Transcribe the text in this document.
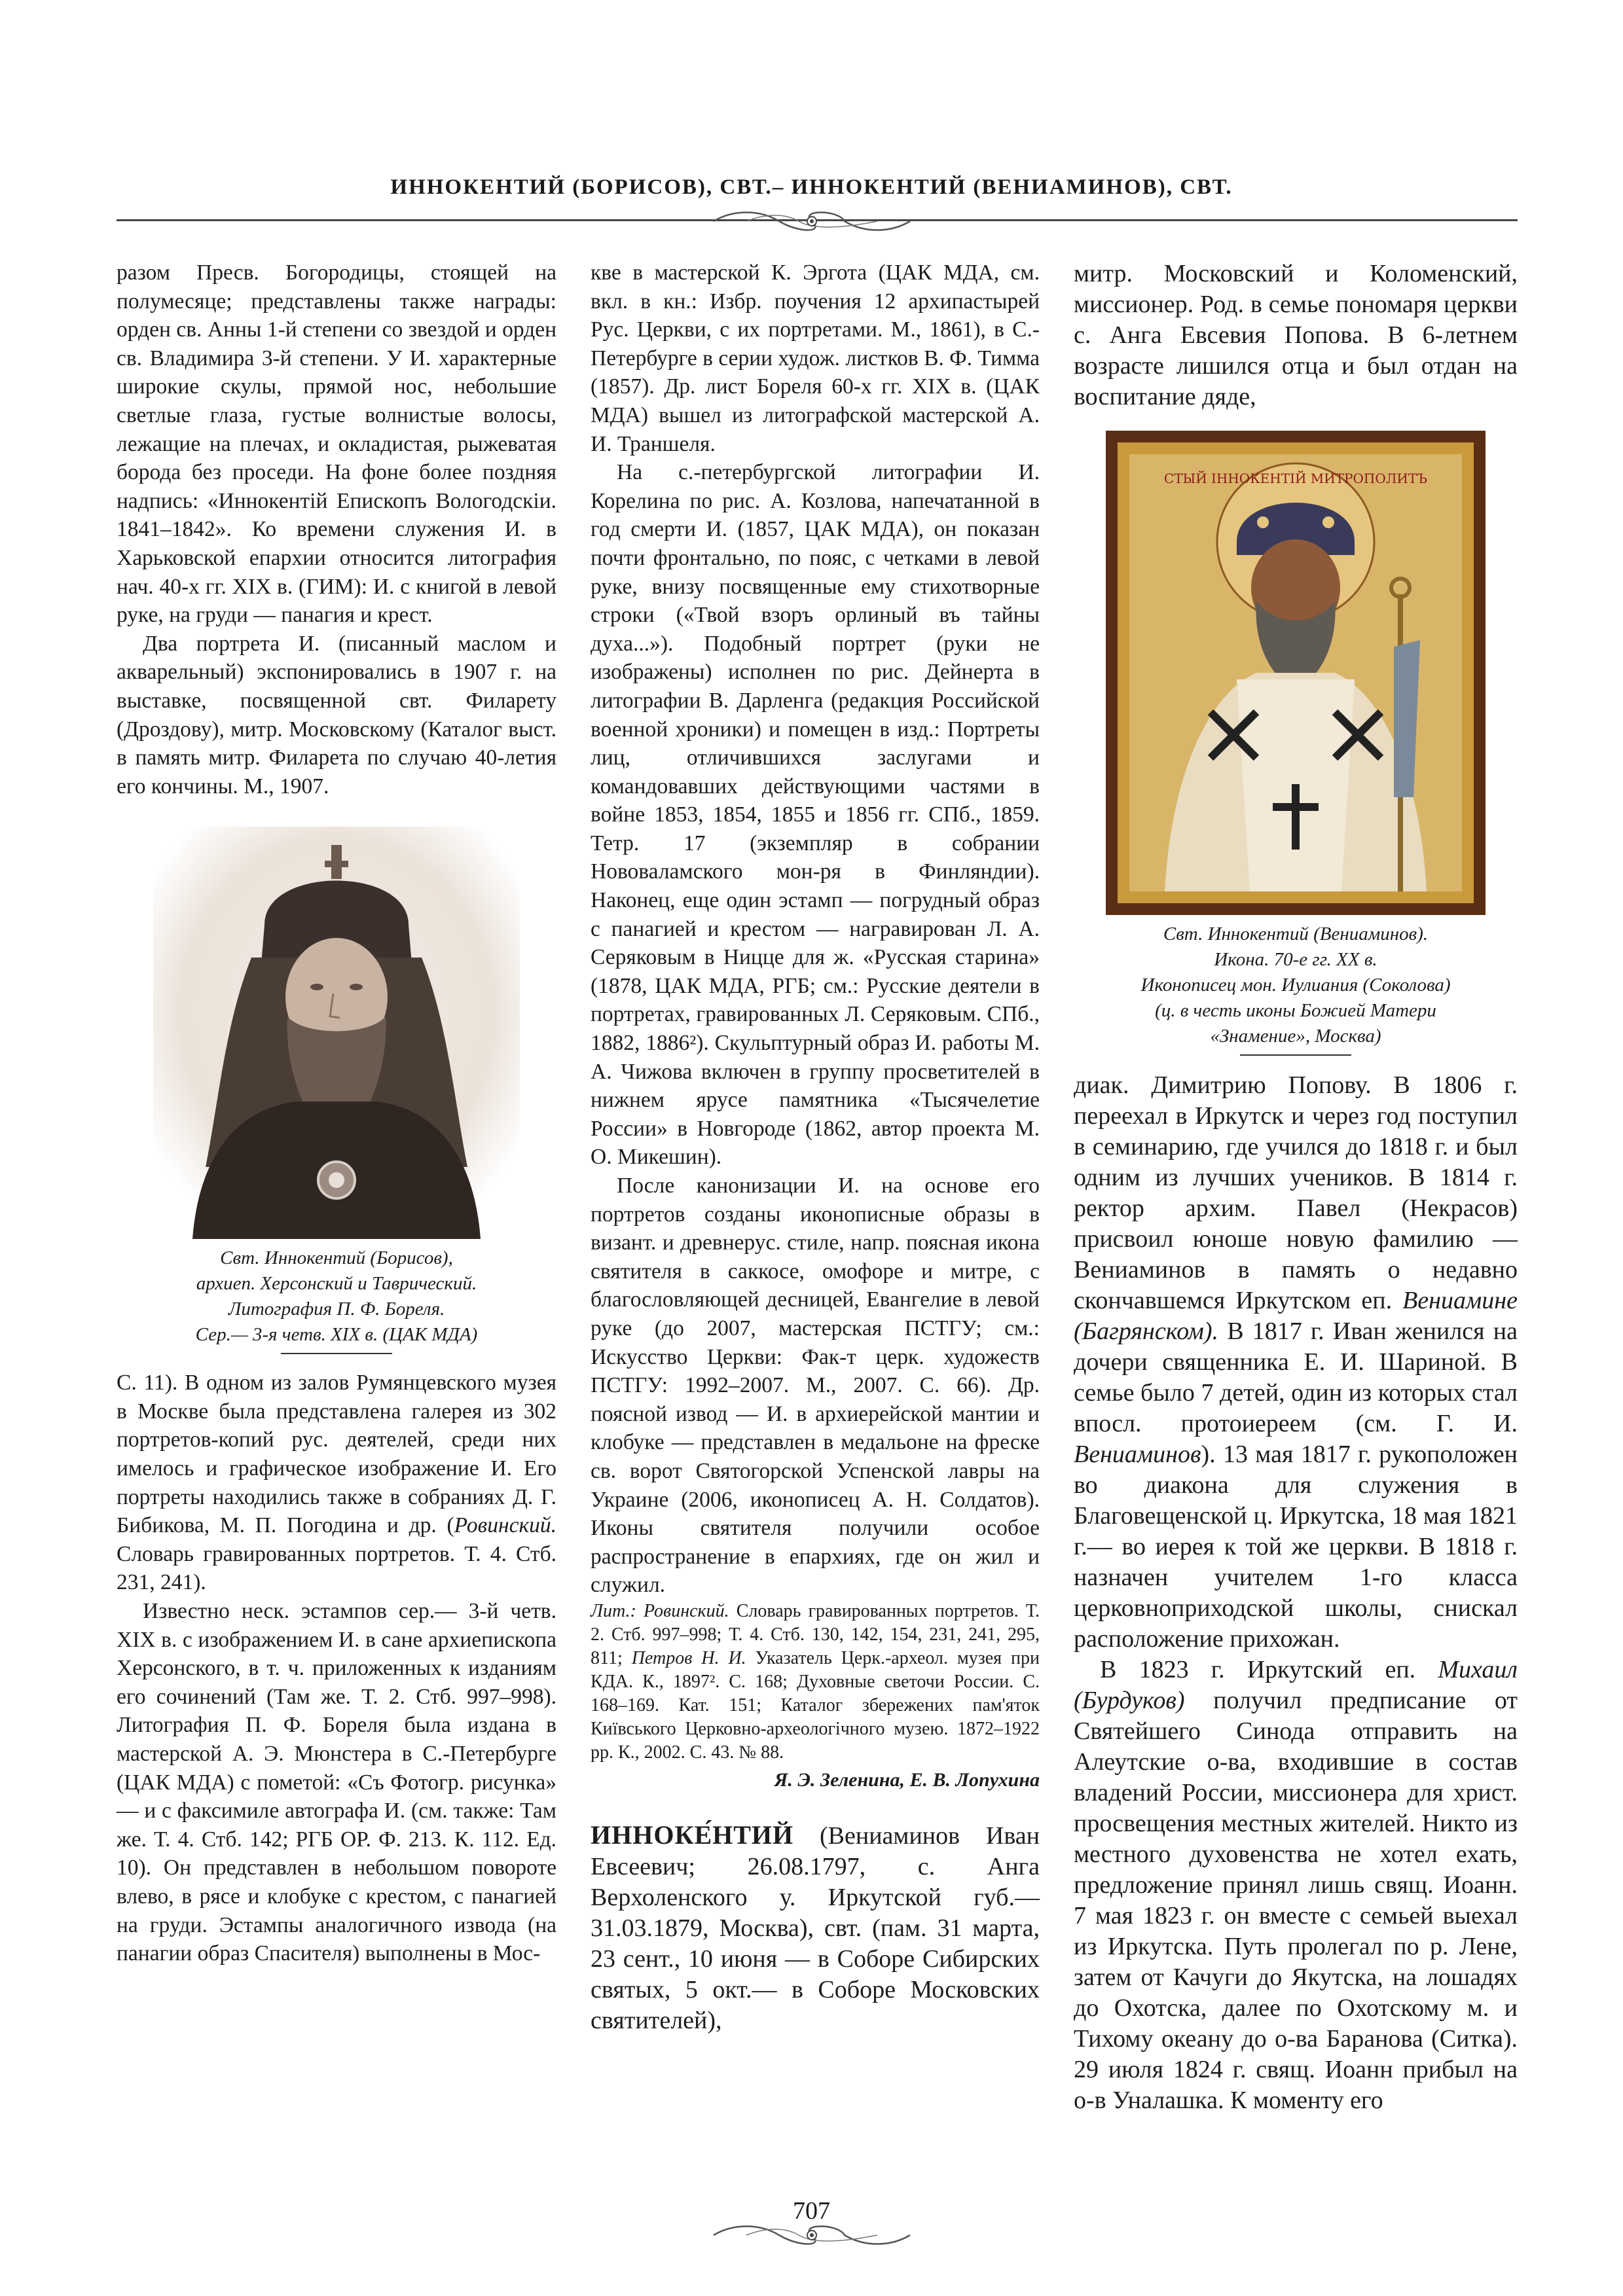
ИННОКЕНТИЙ (БОРИСОВ), СВТ.– ИННОКЕНТИЙ (ВЕНИАМИНОВ), СВТ.

разом Пресв. Богородицы, стоящей на полумесяце; представлены также награды: орден св. Анны 1-й степени со звездой и орден св. Владимира 3-й степени. У И. характерные широкие скулы, прямой нос, небольшие светлые глаза, густые волнистые волосы, лежащие на плечах, и окладистая, рыжеватая борода без проседи. На фоне более поздняя надпись: «Иннокентiй Епископъ Вологодскiи. 1841–1842». Ко времени служения И. в Харьковской епархии относится литография нач. 40-х гг. XIX в. (ГИМ): И. с книгой в левой руке, на груди — панагия и крест.

Два портрета И. (писанный маслом и акварельный) экспонировались в 1907 г. на выставке, посвященной свт. Филарету (Дроздову), митр. Московскому (Каталог выст. в память митр. Филарета по случаю 40-летия его кончины. М., 1907.

Свт. Иннокентий (Борисов),
архиеп. Херсонский и Таврический.
Литография П. Ф. Бореля.
Сер.— 3-я четв. XIX в. (ЦАК МДА)

С. 11). В одном из залов Румянцевского музея в Москве была представлена галерея из 302 портретов-копий рус. деятелей, среди них имелось и графическое изображение И. Его портреты находились также в собраниях Д. Г. Бибикова, М. П. Погодина и др. (Ровинский. Словарь гравированных портретов. Т. 4. Стб. 231, 241).

Известно неск. эстампов сер.— 3-й четв. XIX в. с изображением И. в сане архиепископа Херсонского, в т. ч. приложенных к изданиям его сочинений (Там же. Т. 2. Стб. 997–998). Литография П. Ф. Бореля была издана в мастерской А. Э. Мюнстера в С.-Петербурге (ЦАК МДА) с пометой: «Съ Фотогр. рисунка» — и с факсимиле автографа И. (см. также: Там же. Т. 4. Стб. 142; РГБ ОР. Ф. 213. К. 112. Ед. 10). Он представлен в небольшом повороте влево, в рясе и клобуке с крестом, с панагией на груди. Эстампы аналогичного извода (на панагии образ Спасителя) выполнены в Мос-

кве в мастерской К. Эргота (ЦАК МДА, см. вкл. в кн.: Избр. поучения 12 архипастырей Рус. Церкви, с их портретами. М., 1861), в С.-Петербурге в серии худож. листков В. Ф. Тимма (1857). Др. лист Бореля 60-х гг. XIX в. (ЦАК МДА) вышел из литографской мастерской А. И. Траншеля.

На с.-петербургской литографии И. Корелина по рис. А. Козлова, напечатанной в год смерти И. (1857, ЦАК МДА), он показан почти фронтально, по пояс, с четками в левой руке, внизу посвященные ему стихотворные строки («Твой взоръ орлиный въ тайны духа...»). Подобный портрет (руки не изображены) исполнен по рис. Дейнерта в литографии В. Дарленга (редакция Российской военной хроники) и помещен в изд.: Портреты лиц, отличившихся заслугами и командовавших действующими частями в войне 1853, 1854, 1855 и 1856 гг. СПб., 1859. Тетр. 17 (экземпляр в собрании Нововаламского мон-ря в Финляндии). Наконец, еще один эстамп — погрудный образ с панагией и крестом — награвирован Л. А. Серяковым в Ницце для ж. «Русская старина» (1878, ЦАК МДА, РГБ; см.: Русские деятели в портретах, гравированных Л. Серяковым. СПб., 1882, 1886²). Скульптурный образ И. работы М. А. Чижова включен в группу просветителей в нижнем ярусе памятника «Тысячелетие России» в Новгороде (1862, автор проекта М. О. Микешин).

После канонизации И. на основе его портретов созданы иконописные образы в визант. и древнерус. стиле, напр. поясная икона святителя в саккосе, омофоре и митре, с благословляющей десницей, Евангелие в левой руке (до 2007, мастерская ПСТГУ; см.: Искусство Церкви: Фак-т церк. художеств ПСТГУ: 1992–2007. М., 2007. С. 66). Др. поясной извод — И. в архиерейской мантии и клобуке — представлен в медальоне на фреске св. ворот Святогорской Успенской лавры на Украине (2006, иконописец А. Н. Солдатов). Иконы святителя получили особое распространение в епархиях, где он жил и служил.

Лит.: Ровинский. Словарь гравированных портретов. Т. 2. Стб. 997–998; Т. 4. Стб. 130, 142, 154, 231, 241, 295, 811; Петров Н. И. Указатель Церк.-археол. музея при КДА. К., 1897². С. 168; Духовные светочи России. С. 168–169. Кат. 151; Каталог збережених пам'яток Київського Церковно-археологічного музею. 1872–1922 рр. К., 2002. С. 43. № 88.

Я. Э. Зеленина, Е. В. Лопухина

ИННОКЕ́НТИЙ (Вениаминов Иван Евсеевич; 26.08.1797, с. Анга Верхоленского у. Иркутской губ.— 31.03.1879, Москва), свт. (пам. 31 марта, 23 сент., 10 июня — в Соборе Сибирских святых, 5 окт.— в Соборе Московских святителей),

митр. Московский и Коломенский, миссионер. Род. в семье пономаря церкви с. Анга Евсевия Попова. В 6-летнем возрасте лишился отца и был отдан на воспитание дяде,

СТЫЙ ІННОКЕНТІЙ МИТРОПОЛИТЪ
Свт. Иннокентий (Вениаминов).
Икона. 70-е гг. XX в.
Иконописец мон. Иулиания (Соколова)
(ц. в честь иконы Божией Матери
«Знамение», Москва)

диак. Димитрию Попову. В 1806 г. переехал в Иркутск и через год поступил в семинарию, где учился до 1818 г. и был одним из лучших учеников. В 1814 г. ректор архим. Павел (Некрасов) присвоил юноше новую фамилию — Вениаминов в память о недавно скончавшемся Иркутском еп. Вениамине (Багрянском). В 1817 г. Иван женился на дочери священника Е. И. Шариной. В семье было 7 детей, один из которых стал впосл. протоиереем (см. Г. И. Вениаминов). 13 мая 1817 г. рукоположен во диакона для служения в Благовещенской ц. Иркутска, 18 мая 1821 г.— во иерея к той же церкви. В 1818 г. назначен учителем 1-го класса церковноприходской школы, снискал расположение прихожан.

В 1823 г. Иркутский еп. Михаил (Бурдуков) получил предписание от Святейшего Синода отправить на Алеутские о-ва, входившие в состав владений России, миссионера для христ. просвещения местных жителей. Никто из местного духовенства не хотел ехать, предложение принял лишь свящ. Иоанн. 7 мая 1823 г. он вместе с семьей выехал из Иркутска. Путь пролегал по р. Лене, затем от Качуги до Якутска, на лошадях до Охотска, далее по Охотскому м. и Тихому океану до о-ва Баранова (Ситка). 29 июля 1824 г. свящ. Иоанн прибыл на о-в Уналашка. К моменту его

707
